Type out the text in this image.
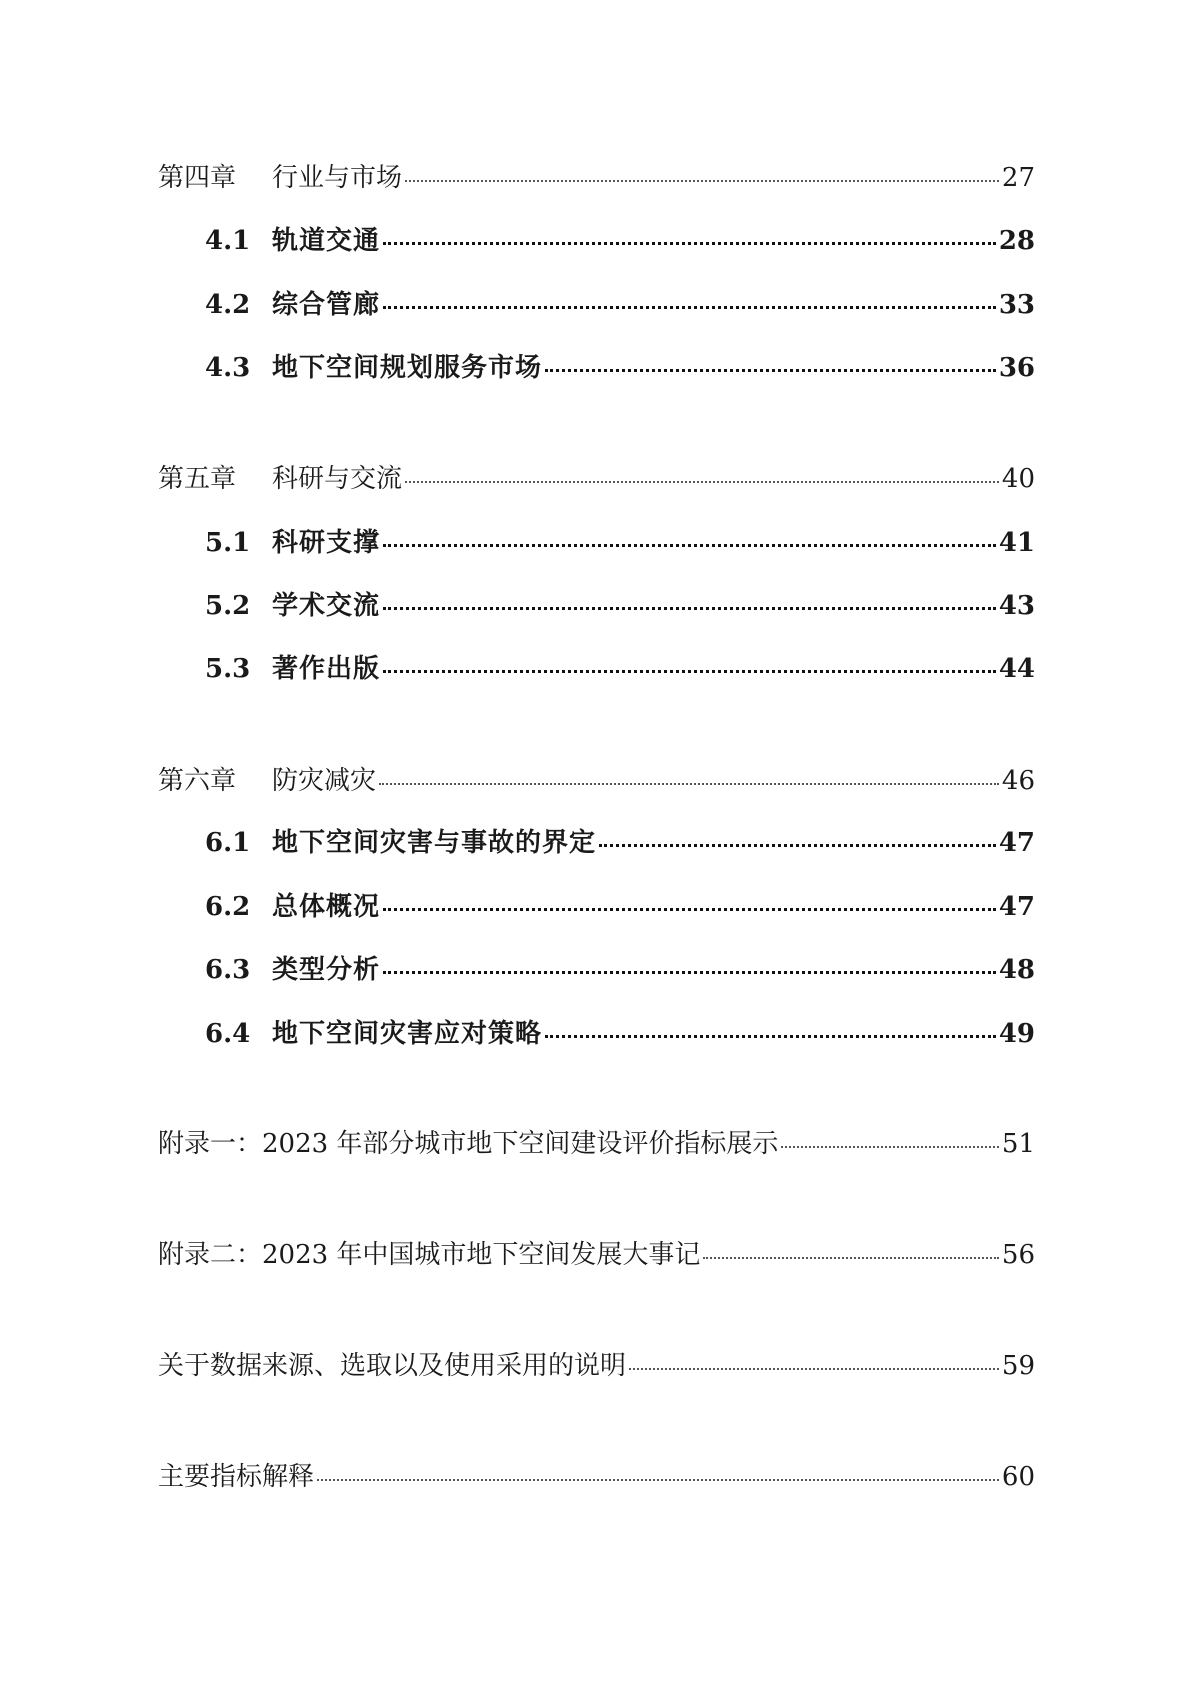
第四章	行业与市场	27
4.1 轨道交通	28
4.2 综合管廊	33
4.3 地下空间规划服务市场	36
第五章	科研与交流	40
5.1 科研支撑	41
5.2 学术交流	43
5.3 著作出版	44
第六章	防灾减灾	46
6.1 地下空间灾害与事故的界定	47
6.2 总体概况	47
6.3 类型分析	48
6.4 地下空间灾害应对策略	49
附录一：2023 年部分城市地下空间建设评价指标展示	51
附录二：2023 年中国城市地下空间发展大事记	56
关于数据来源、选取以及使用采用的说明	59
主要指标解释	60
